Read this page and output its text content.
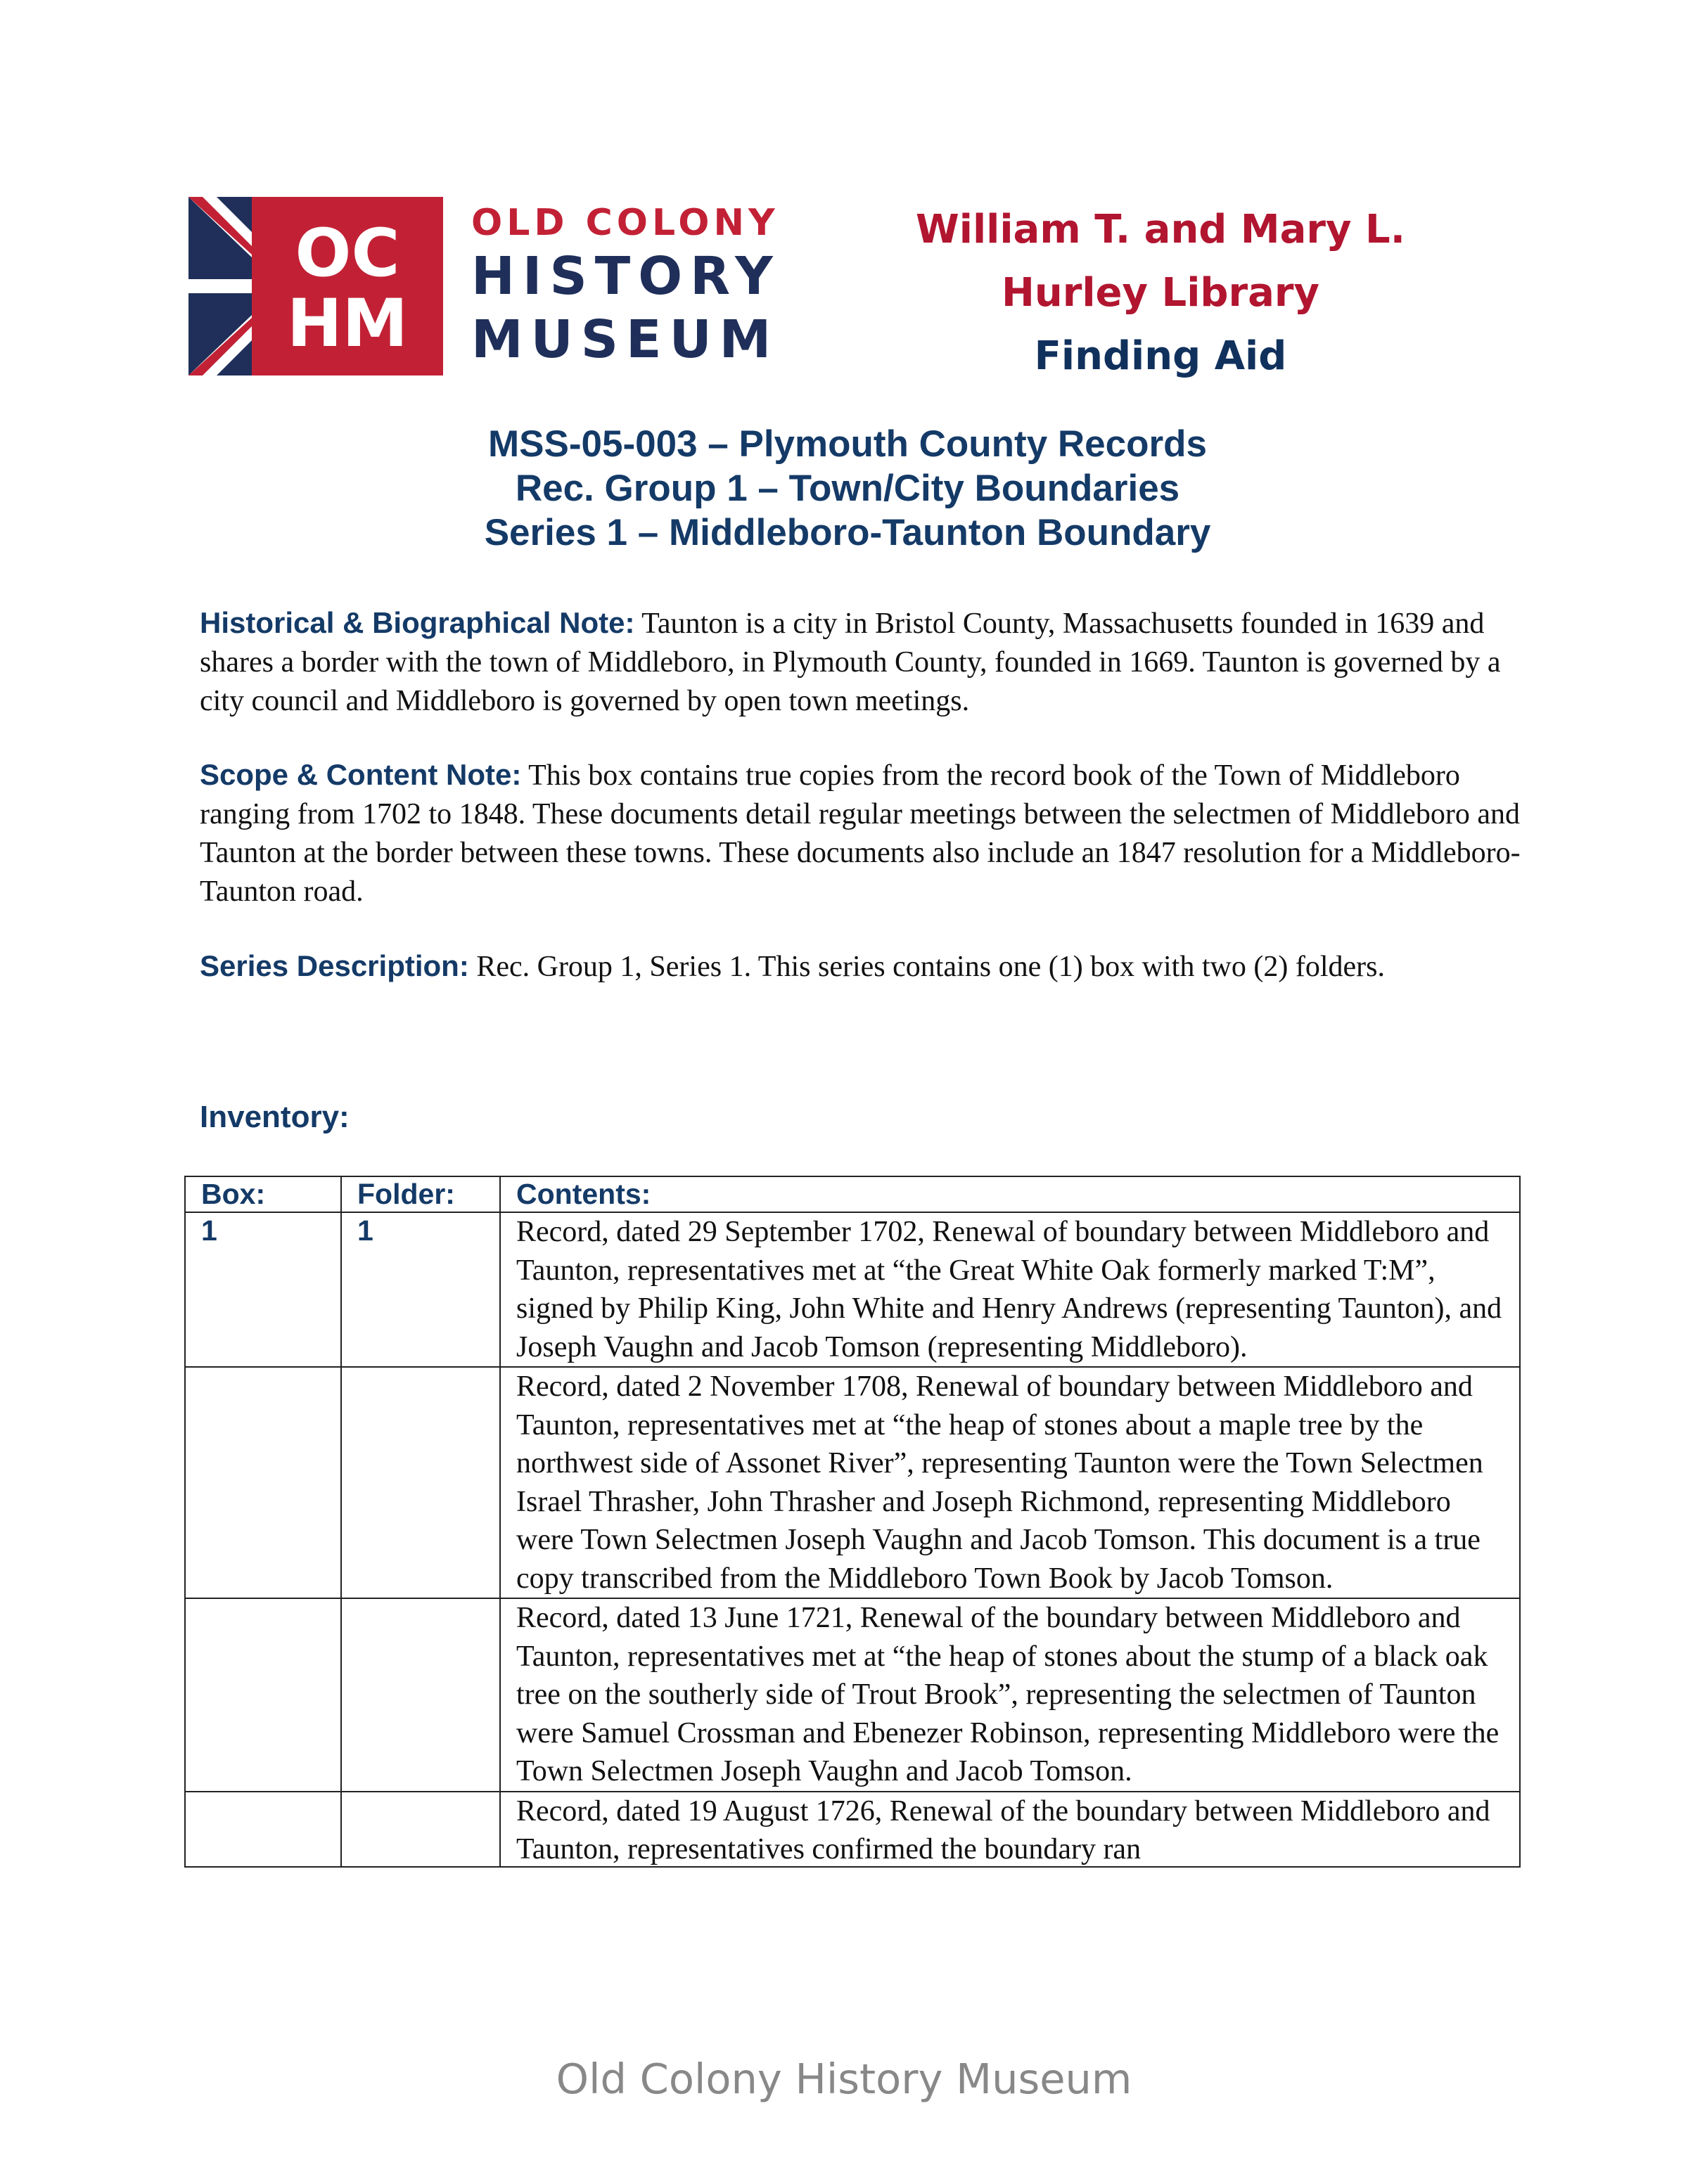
OC
HM
OLD COLONY
HISTORY
MUSEUM
William T. and Mary L.
Hurley Library
Finding Aid
MSS-05-003 – Plymouth County Records
Rec. Group 1 – Town/City Boundaries
Series 1 – Middleboro-Taunton Boundary
Historical & Biographical Note: Taunton is a city in Bristol County, Massachusetts founded in 1639 and shares a border with the town of Middleboro, in Plymouth County, founded in 1669. Taunton is governed by a city council and Middleboro is governed by open town meetings.
Scope & Content Note: This box contains true copies from the record book of the Town of Middleboro ranging from 1702 to 1848. These documents detail regular meetings between the selectmen of Middleboro and Taunton at the border between these towns. These documents also include an 1847 resolution for a Middleboro-Taunton road.
Series Description: Rec. Group 1, Series 1. This series contains one (1) box with two (2) folders.
Inventory:
Box:	Folder:	Contents:
1	1	Record, dated 29 September 1702, Renewal of boundary between Middleboro and Taunton, representatives met at “the Great White Oak formerly marked T:M”, signed by Philip King, John White and Henry Andrews (representing Taunton), and Joseph Vaughn and Jacob Tomson (representing Middleboro).
		Record, dated 2 November 1708, Renewal of boundary between Middleboro and Taunton, representatives met at “the heap of stones about a maple tree by the northwest side of Assonet River”, representing Taunton were the Town Selectmen Israel Thrasher, John Thrasher and Joseph Richmond, representing Middleboro were Town Selectmen Joseph Vaughn and Jacob Tomson. This document is a true copy transcribed from the Middleboro Town Book by Jacob Tomson.
		Record, dated 13 June 1721, Renewal of the boundary between Middleboro and Taunton, representatives met at “the heap of stones about the stump of a black oak tree on the southerly side of Trout Brook”, representing the selectmen of Taunton were Samuel Crossman and Ebenezer Robinson, representing Middleboro were the Town Selectmen Joseph Vaughn and Jacob Tomson.

		Record, dated 19 August 1726, Renewal of the boundary between Middleboro and Taunton, representatives confirmed the boundary ran
Old Colony History Museum
